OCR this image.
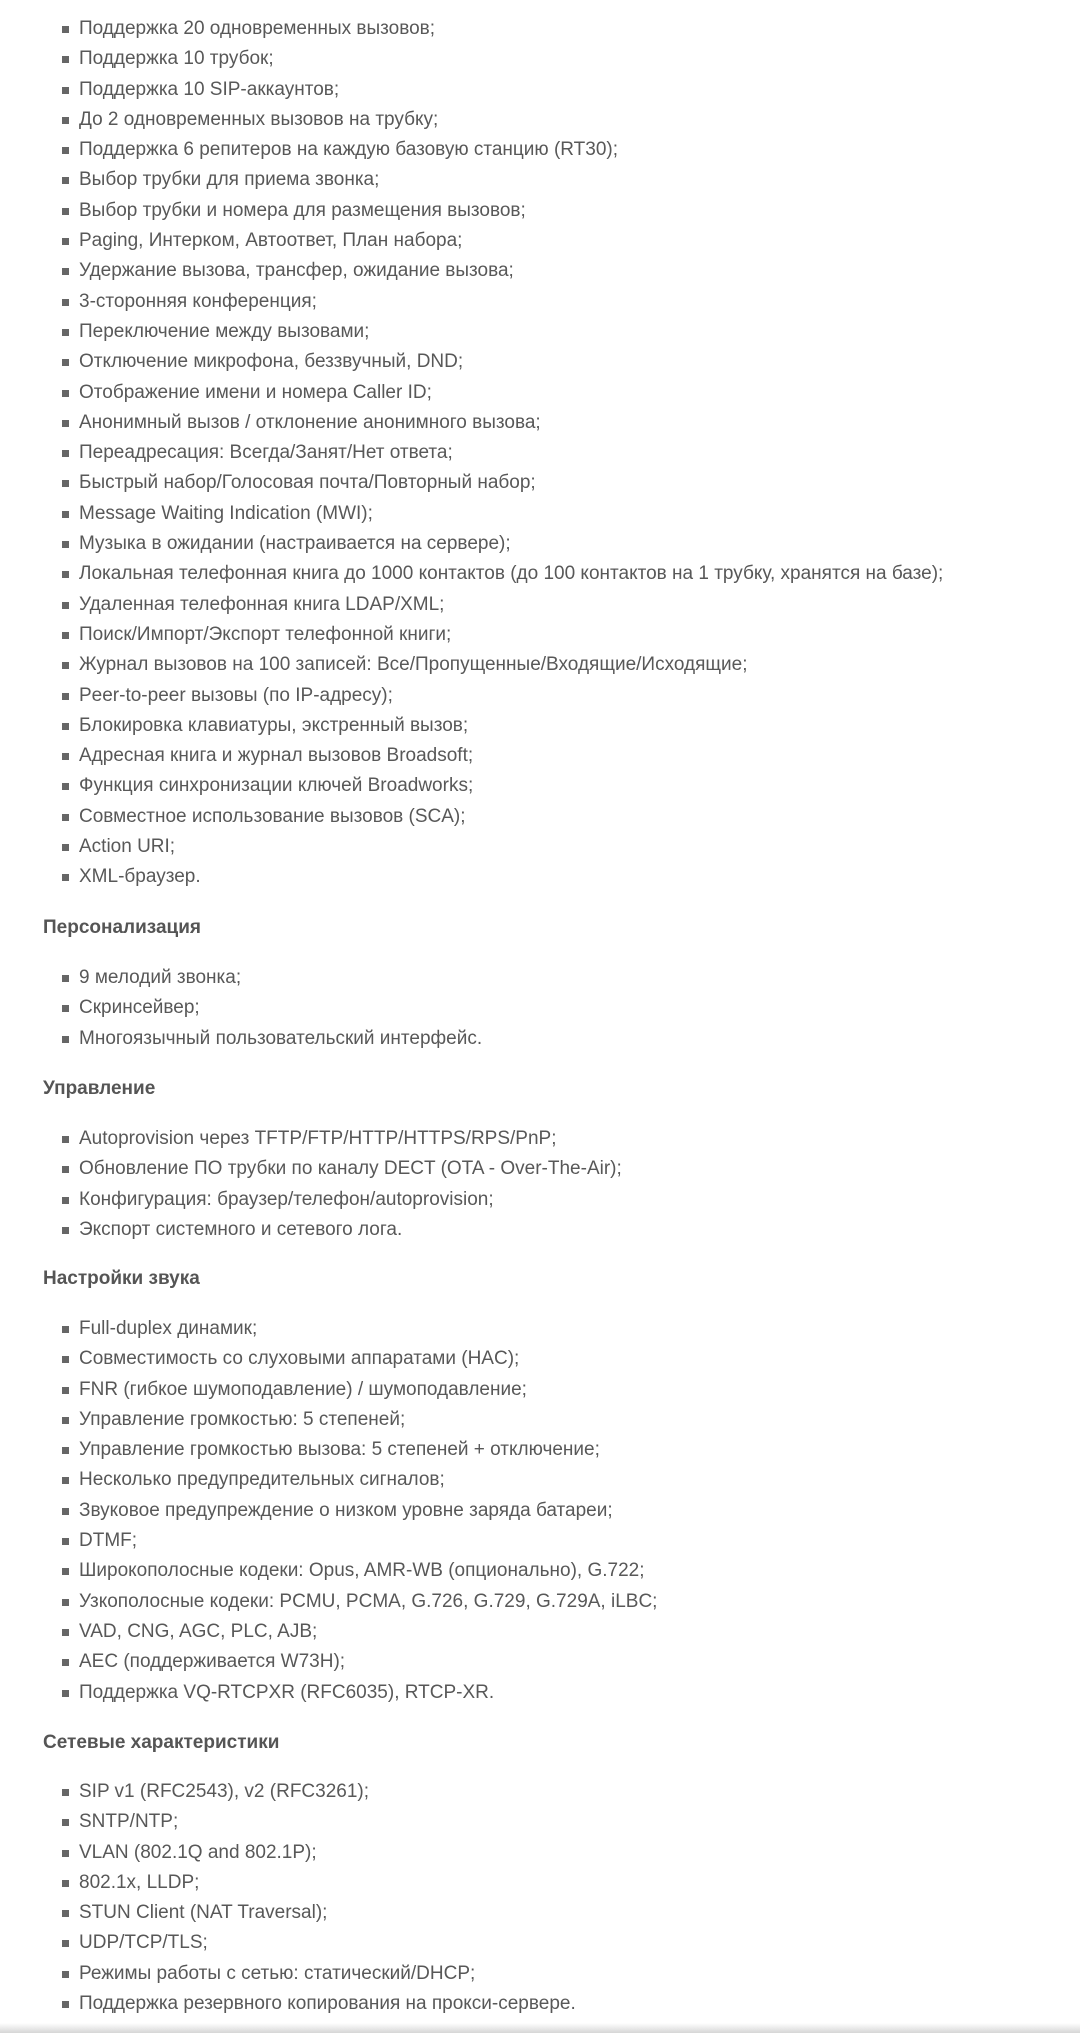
Поддержка 20 одновременных вызовов;
Поддержка 10 трубок;
Поддержка 10 SIP-аккаунтов;
До 2 одновременных вызовов на трубку;
Поддержка 6 репитеров на каждую базовую станцию (RT30);
Выбор трубки для приема звонка;
Выбор трубки и номера для размещения вызовов;
Paging, Интерком, Автоответ, План набора;
Удержание вызова, трансфер, ожидание вызова;
3-сторонняя конференция;
Переключение между вызовами;
Отключение микрофона, беззвучный, DND;
Отображение имени и номера Caller ID;
Анонимный вызов / отклонение анонимного вызова;
Переадресация: Всегда/Занят/Нет ответа;
Быстрый набор/Голосовая почта/Повторный набор;
Message Waiting Indication (MWI);
Музыка в ожидании (настраивается на сервере);
Локальная телефонная книга до 1000 контактов (до 100 контактов на 1 трубку, хранятся на базе);
Удаленная телефонная книга LDAP/XML;
Поиск/Импорт/Экспорт телефонной книги;
Журнал вызовов на 100 записей: Все/Пропущенные/Входящие/Исходящие;
Peer-to-peer вызовы (по IP-адресу);
Блокировка клавиатуры, экстренный вызов;
Адресная книга и журнал вызовов Broadsoft;
Функция синхронизации ключей Broadworks;
Совместное использование вызовов (SCA);
Action URI;
XML-браузер.
Персонализация
9 мелодий звонка;
Скринсейвер;
Многоязычный пользовательский интерфейс.
Управление
Autoprovision через TFTP/FTP/HTTP/HTTPS/RPS/PnP;
Обновление ПО трубки по каналу DECT (OTA - Over-The-Air);
Конфигурация: браузер/телефон/autoprovision;
Экспорт системного и сетевого лога.
Настройки звука
Full-duplex динамик;
Совместимость со слуховыми аппаратами (HAC);
FNR (гибкое шумоподавление) / шумоподавление;
Управление громкостью: 5 степеней;
Управление громкостью вызова: 5 степеней + отключение;
Несколько предупредительных сигналов;
Звуковое предупреждение о низком уровне заряда батареи;
DTMF;
Широкополосные кодеки: Opus, AMR-WB (опционально), G.722;
Узкополосные кодеки: PCMU, PCMA, G.726, G.729, G.729A, iLBC;
VAD, CNG, AGC, PLC, AJB;
AEC (поддерживается W73H);
Поддержка VQ-RTCPXR (RFC6035), RTCP-XR.
Сетевые характеристики
SIP v1 (RFC2543), v2 (RFC3261);
SNTP/NTP;
VLAN (802.1Q and 802.1P);
802.1x, LLDP;
STUN Client (NAT Traversal);
UDP/TCP/TLS;
Режимы работы с сетью: статический/DHCP;
Поддержка резервного копирования на прокси-сервере.
